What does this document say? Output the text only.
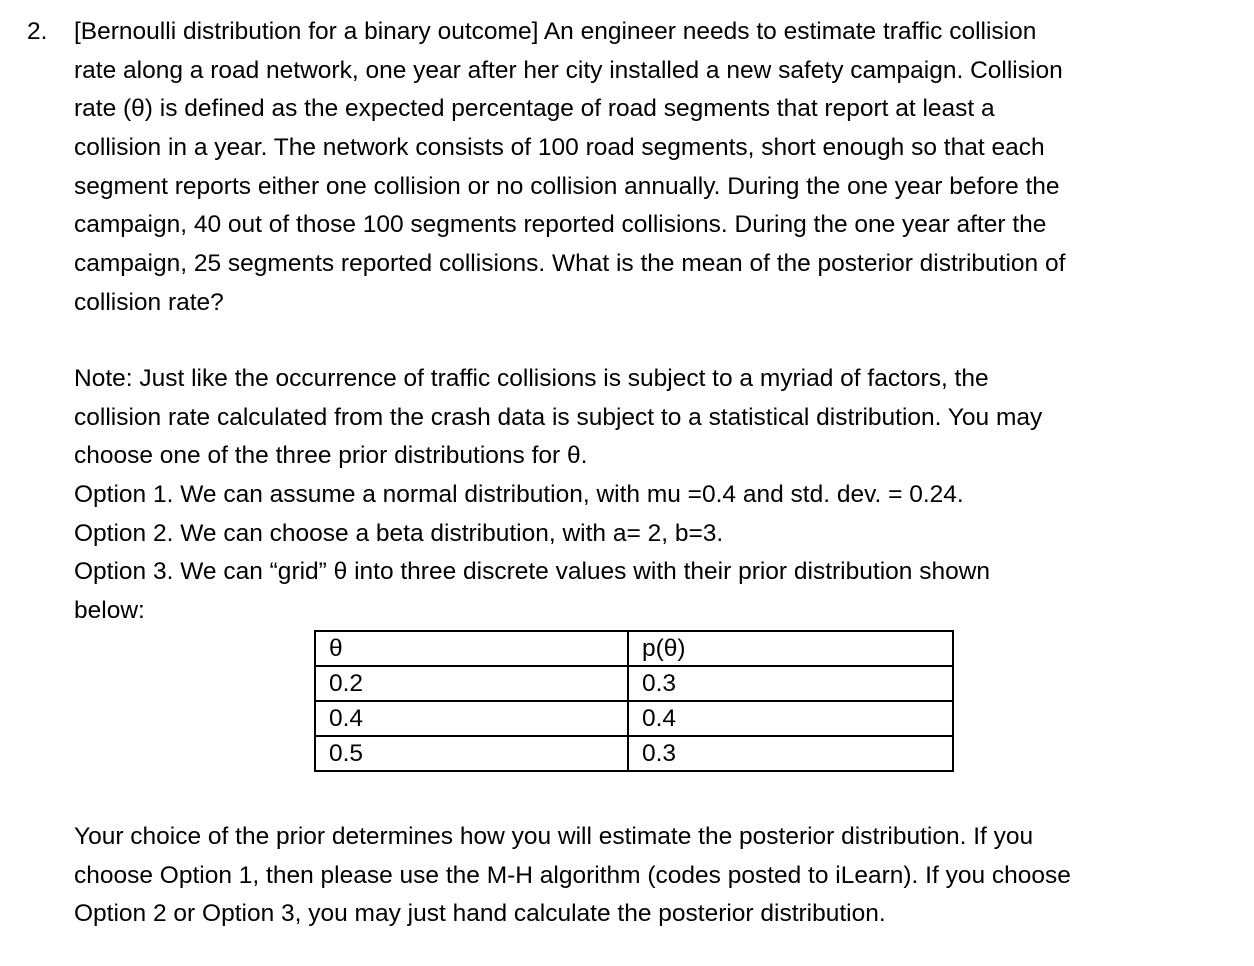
2. [Bernoulli distribution for a binary outcome] An engineer needs to estimate traffic collision
rate along a road network, one year after her city installed a new safety campaign. Collision
rate (θ) is defined as the expected percentage of road segments that report at least a
collision in a year. The network consists of 100 road segments, short enough so that each
segment reports either one collision or no collision annually. During the one year before the
campaign, 40 out of those 100 segments reported collisions. During the one year after the
campaign, 25 segments reported collisions. What is the mean of the posterior distribution of
collision rate?
Note: Just like the occurrence of traffic collisions is subject to a myriad of factors, the
collision rate calculated from the crash data is subject to a statistical distribution. You may
choose one of the three prior distributions for θ.
Option 1. We can assume a normal distribution, with mu =0.4 and std. dev. = 0.24.
Option 2. We can choose a beta distribution, with a= 2, b=3.
Option 3. We can “grid” θ into three discrete values with their prior distribution shown
below:
θ	p(θ)
0.2	0.3
0.4	0.4
0.5	0.3
Your choice of the prior determines how you will estimate the posterior distribution. If you
choose Option 1, then please use the M-H algorithm (codes posted to iLearn). If you choose
Option 2 or Option 3, you may just hand calculate the posterior distribution.
